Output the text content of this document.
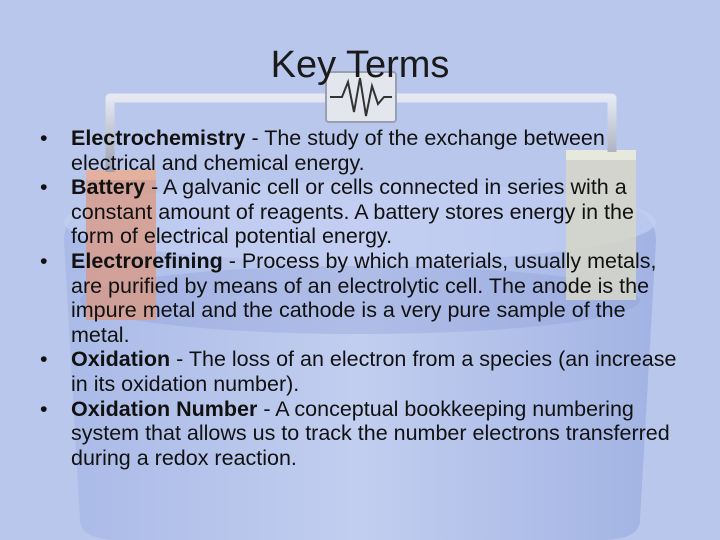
Key Terms
•	Electrochemistry - The study of the exchange between electrical and chemical energy.
•	Battery - A galvanic cell or cells connected in series with a constant amount of reagents. A battery stores energy in the form of electrical potential energy.
•	Electrorefining - Process by which materials, usually metals, are purified by means of an electrolytic cell. The anode is the impure metal and the cathode is a very pure sample of the metal.
•	Oxidation - The loss of an electron from a species (an increase in its oxidation number).
•	Oxidation Number - A conceptual bookkeeping numbering system that allows us to track the number electrons transferred during a redox reaction.
